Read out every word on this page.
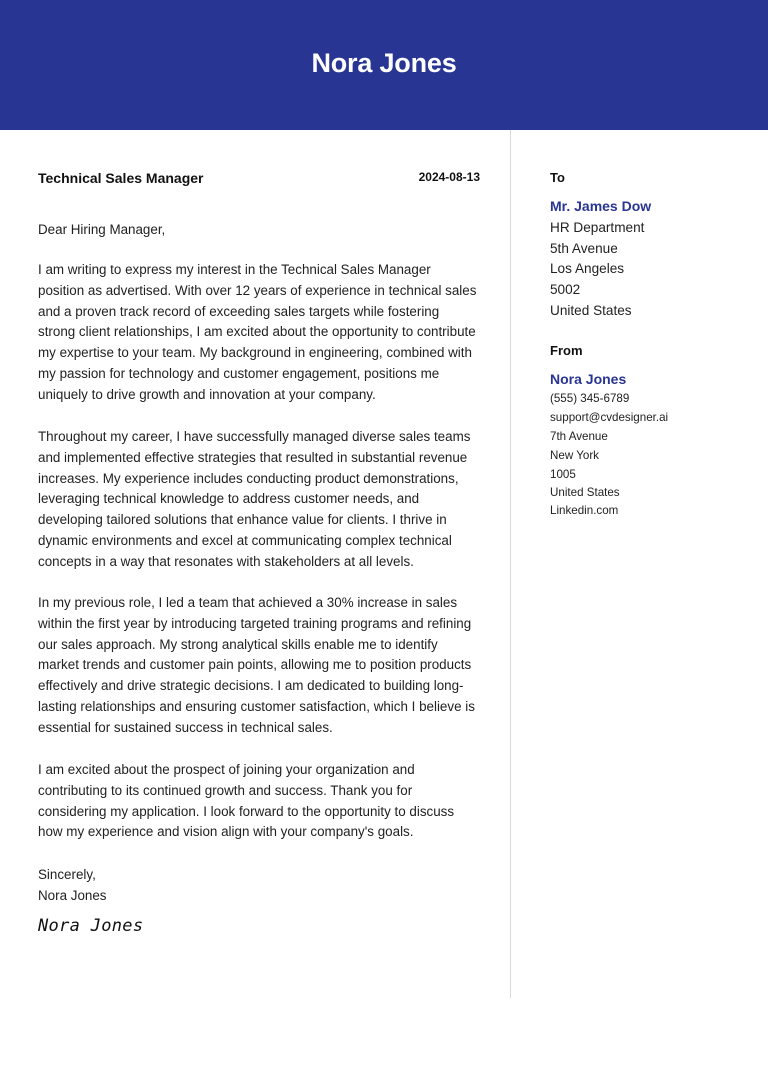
Nora Jones
Technical Sales Manager	2024-08-13
Dear Hiring Manager,

I am writing to express my interest in the Technical Sales Manager position as advertised. With over 12 years of experience in technical sales and a proven track record of exceeding sales targets while fostering strong client relationships, I am excited about the opportunity to contribute my expertise to your team. My background in engineering, combined with my passion for technology and customer engagement, positions me uniquely to drive growth and innovation at your company.

Throughout my career, I have successfully managed diverse sales teams and implemented effective strategies that resulted in substantial revenue increases. My experience includes conducting product demonstrations, leveraging technical knowledge to address customer needs, and developing tailored solutions that enhance value for clients. I thrive in dynamic environments and excel at communicating complex technical concepts in a way that resonates with stakeholders at all levels.

In my previous role, I led a team that achieved a 30% increase in sales within the first year by introducing targeted training programs and refining our sales approach. My strong analytical skills enable me to identify market trends and customer pain points, allowing me to position products effectively and drive strategic decisions. I am dedicated to building long-lasting relationships and ensuring customer satisfaction, which I believe is essential for sustained success in technical sales.

I am excited about the prospect of joining your organization and contributing to its continued growth and success. Thank you for considering my application. I look forward to the opportunity to discuss how my experience and vision align with your company's goals.

Sincerely,
Nora Jones
Nora Jones
To
Mr. James Dow
HR Department
5th Avenue
Los Angeles
5002
United States
From
Nora Jones
(555) 345-6789
support@cvdesigner.ai
7th Avenue
New York
1005
United States
Linkedin.com
